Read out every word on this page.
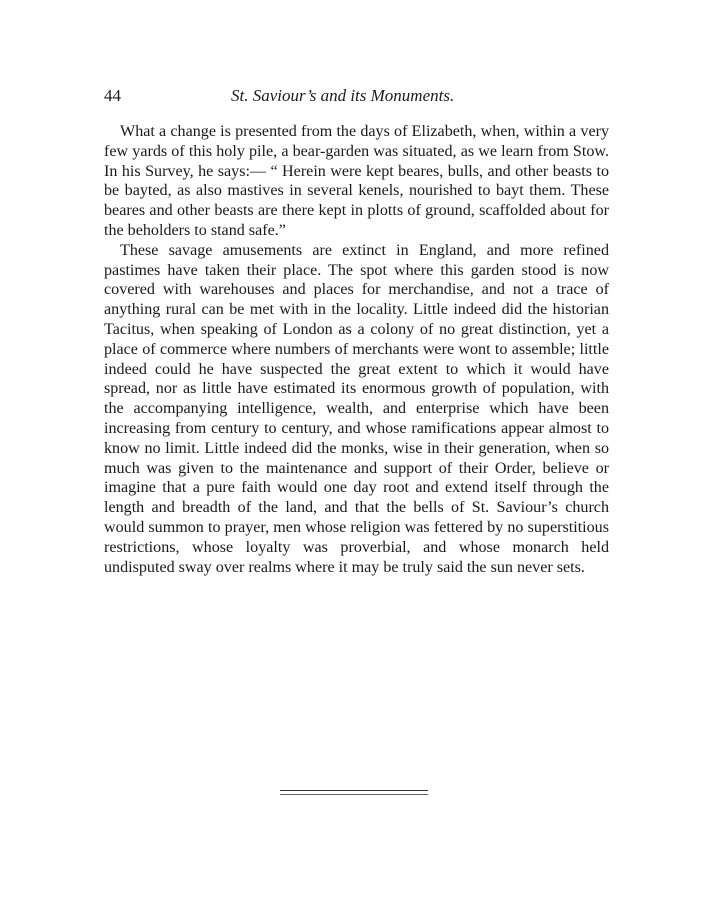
44	St. Saviour’s and its Monuments.

What a change is presented from the days of Elizabeth, when, within a very few yards of this holy pile, a bear-garden was situated, as we learn from Stow. In his Survey, he says:— “ Herein were kept beares, bulls, and other beasts to be bayted, as also mastives in several kenels, nourished to bayt them. These beares and other beasts are there kept in plotts of ground, scaffolded about for the beholders to stand safe.”

These savage amusements are extinct in England, and more refined pastimes have taken their place. The spot where this garden stood is now covered with warehouses and places for merchandise, and not a trace of anything rural can be met with in the locality. Little indeed did the historian Tacitus, when speaking of London as a colony of no great distinction, yet a place of commerce where numbers of merchants were wont to assemble; little indeed could he have suspected the great extent to which it would have spread, nor as little have estimated its enormous growth of population, with the accompanying intelligence, wealth, and enterprise which have been increasing from century to century, and whose ramifications appear almost to know no limit. Little indeed did the monks, wise in their generation, when so much was given to the maintenance and support of their Order, believe or imagine that a pure faith would one day root and extend itself through the length and breadth of the land, and that the bells of St. Saviour’s church would summon to prayer, men whose religion was fettered by no superstitious restrictions, whose loyalty was proverbial, and whose monarch held undisputed sway over realms where it may be truly said the sun never sets.
